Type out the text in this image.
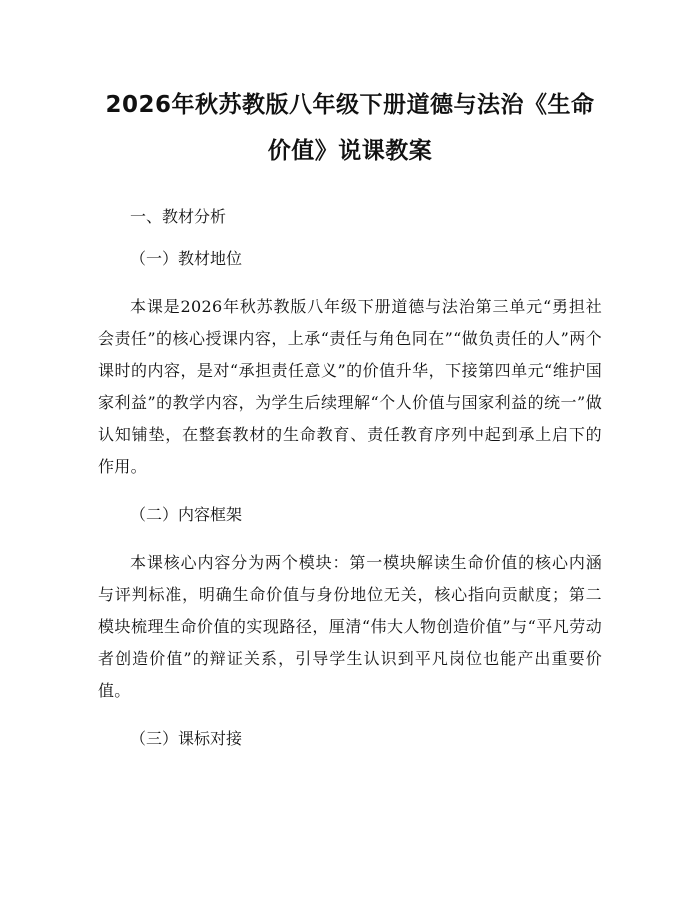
2026年秋苏教版八年级下册道德与法治《生命价值》说课教案
一、教材分析
（一）教材地位

本课是2026年秋苏教版八年级下册道德与法治第三单元“勇担社会责任”的核心授课内容，上承“责任与角色同在”“做负责任的人”两个课时的内容，是对“承担责任意义”的价值升华，下接第四单元“维护国家利益”的教学内容，为学生后续理解“个人价值与国家利益的统一”做认知铺垫，在整套教材的生命教育、责任教育序列中起到承上启下的作用。

（二）内容框架

本课核心内容分为两个模块：第一模块解读生命价值的核心内涵与评判标准，明确生命价值与身份地位无关，核心指向贡献度；第二模块梳理生命价值的实现路径，厘清“伟大人物创造价值”与“平凡劳动者创造价值”的辩证关系，引导学生认识到平凡岗位也能产出重要价值。

（三）课标对接
